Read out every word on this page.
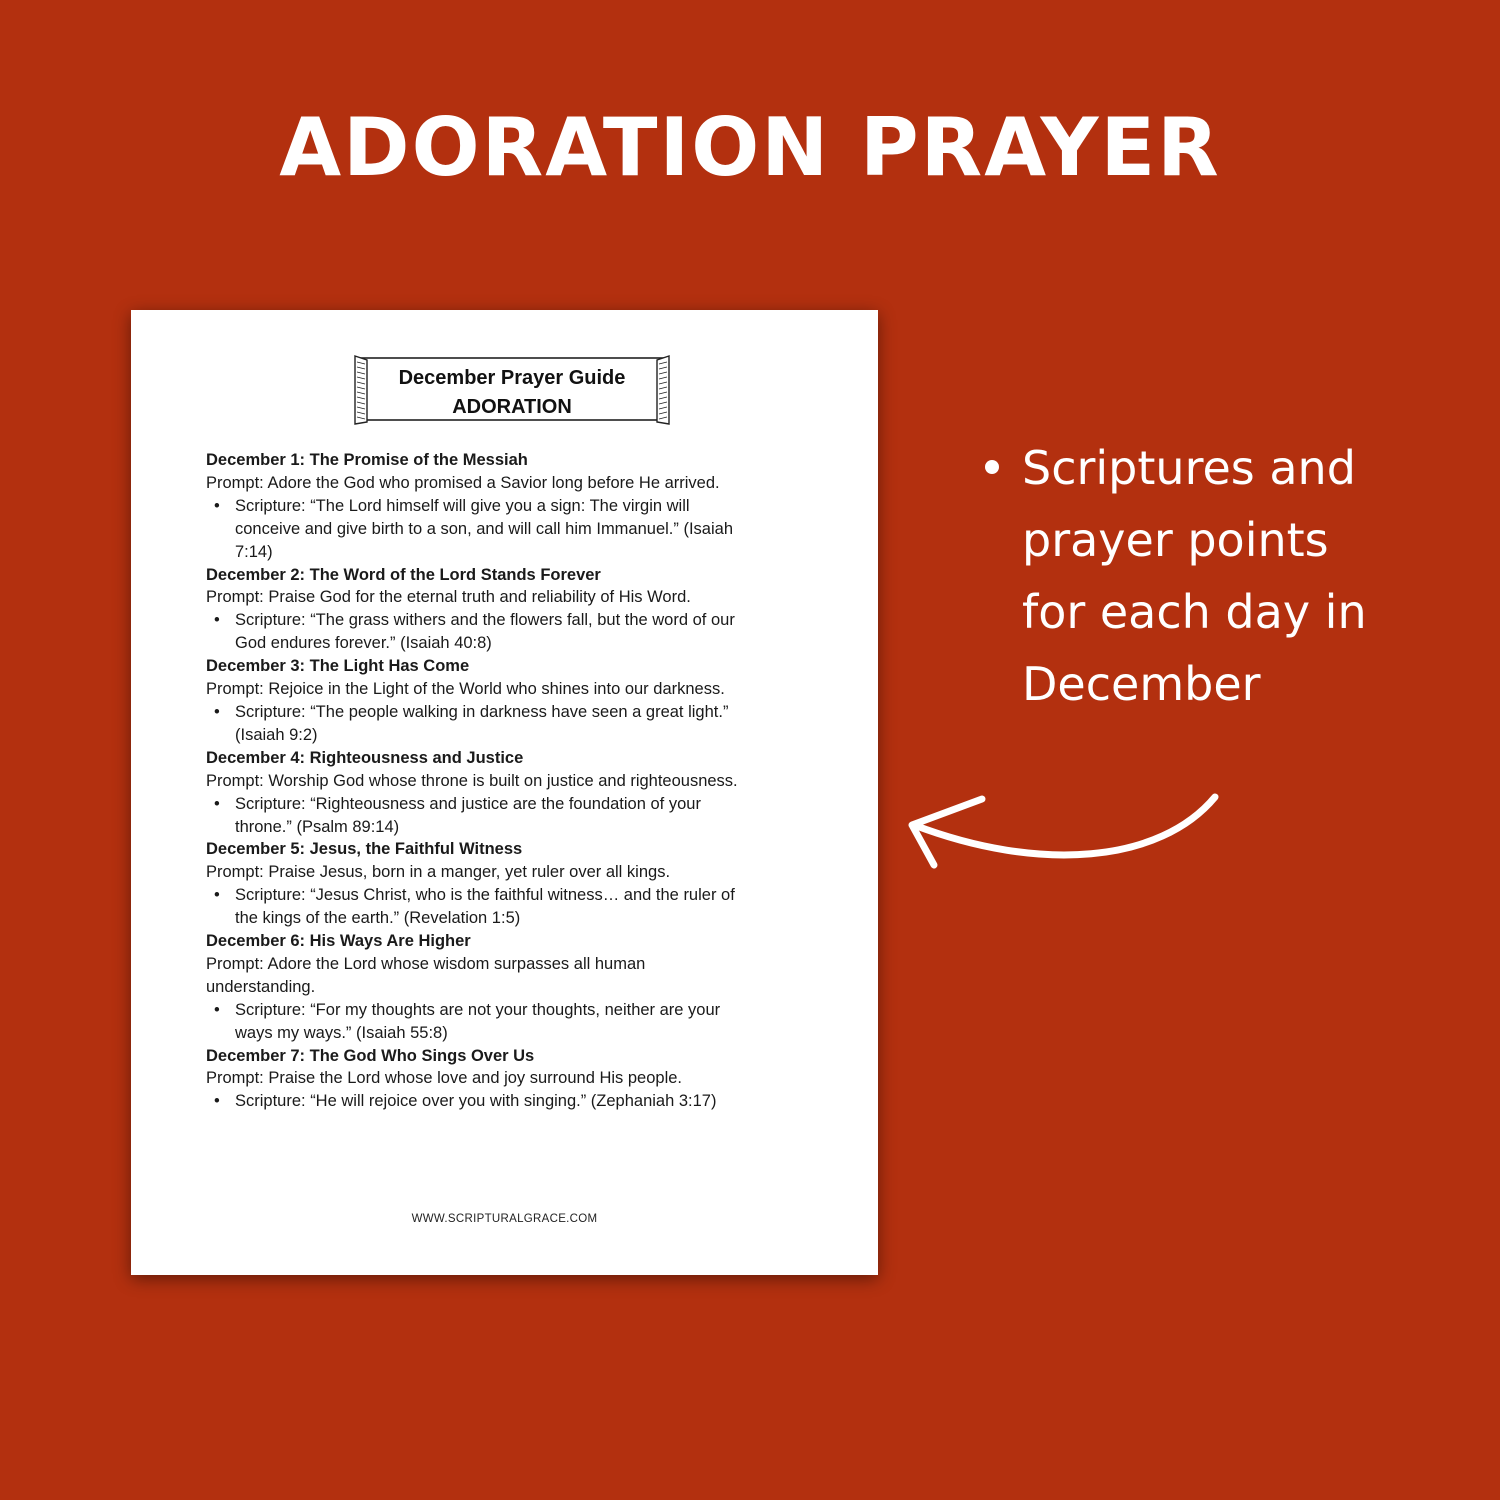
ADORATION PRAYER
December Prayer Guide
ADORATION
December 1: The Promise of the Messiah
Prompt: Adore the God who promised a Savior long before He arrived.
• Scripture: “The Lord himself will give you a sign: The virgin will
conceive and give birth to a son, and will call him Immanuel.” (Isaiah
7:14)
December 2: The Word of the Lord Stands Forever
Prompt: Praise God for the eternal truth and reliability of His Word.
• Scripture: “The grass withers and the flowers fall, but the word of our
God endures forever.” (Isaiah 40:8)
December 3: The Light Has Come
Prompt: Rejoice in the Light of the World who shines into our darkness.
• Scripture: “The people walking in darkness have seen a great light.”
(Isaiah 9:2)
December 4: Righteousness and Justice
Prompt: Worship God whose throne is built on justice and righteousness.
• Scripture: “Righteousness and justice are the foundation of your
throne.” (Psalm 89:14)
December 5: Jesus, the Faithful Witness
Prompt: Praise Jesus, born in a manger, yet ruler over all kings.
• Scripture: “Jesus Christ, who is the faithful witness… and the ruler of
the kings of the earth.” (Revelation 1:5)
December 6: His Ways Are Higher
Prompt: Adore the Lord whose wisdom surpasses all human
understanding.
• Scripture: “For my thoughts are not your thoughts, neither are your
ways my ways.” (Isaiah 55:8)
December 7: The God Who Sings Over Us
Prompt: Praise the Lord whose love and joy surround His people.
• Scripture: “He will rejoice over you with singing.” (Zephaniah 3:17)
WWW.SCRIPTURALGRACE.COM
Scriptures and
prayer points
for each day in
December
